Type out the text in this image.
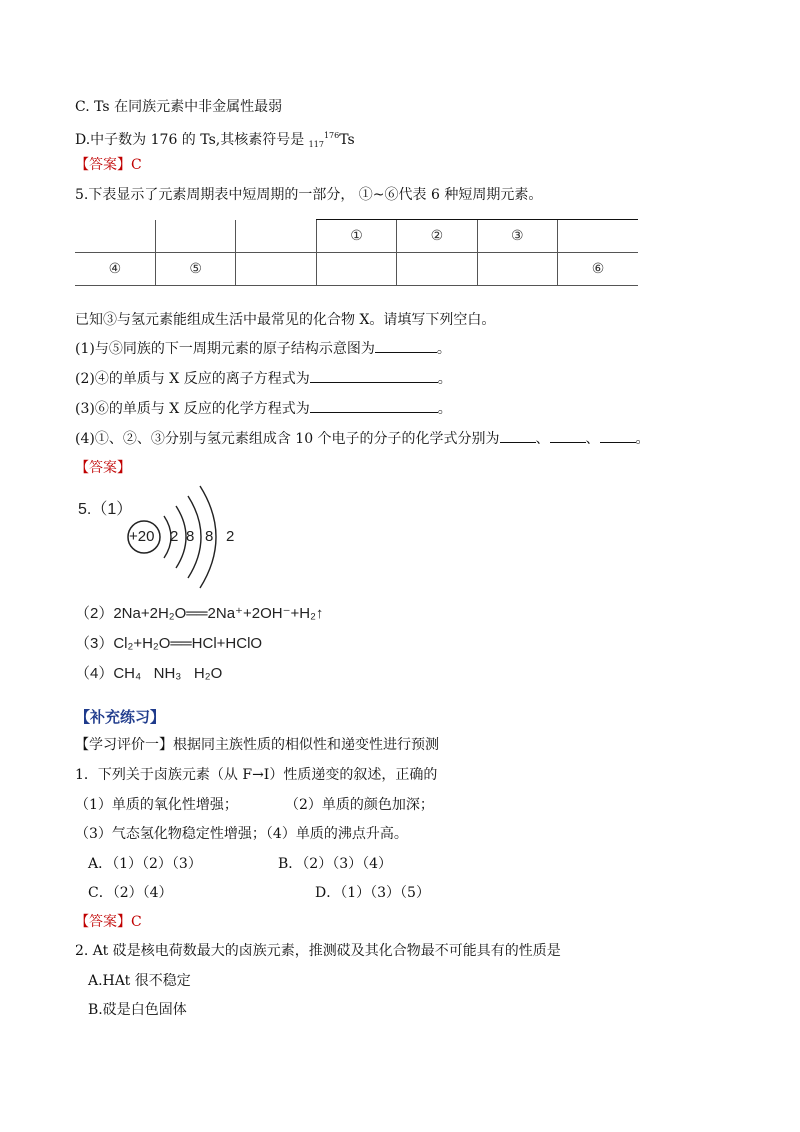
C. Ts 在同族元素中非金属性最弱
D.中子数为 176 的 Ts,其核素符号是 $_{117}^{176}$Ts
【答案】C
5.下表显示了元素周期表中短周期的一部分， ①~⑥代表 6 种短周期元素。
			①	②	③	
④	⑤					⑥
已知③与氢元素能组成生活中最常见的化合物 X。请填写下列空白。
(1)与⑤同族的下一周期元素的原子结构示意图为	。
(2)④的单质与 X 反应的离子方程式为	。
(3)⑥的单质与 X 反应的化学方程式为	。
(4)①、②、③分别与氢元素组成含 10 个电子的分子的化学式分别为	、	、	。
【答案】
5.（1）
+20 2 8 8 2
（2）2Na+2H₂O══2Na⁺+2OH⁻+H₂↑
（3）Cl₂+H₂O══HCl+HClO
（4）CH₄   NH₃   H₂O
【补充练习】
【学习评价一】根据同主族性质的相似性和递变性进行预测
1．下列关于卤族元素（从 F→I）性质递变的叙述，正确的
（1）单质的氧化性增强；	（2）单质的颜色加深；
（3）气态氢化物稳定性增强；（4）单质的沸点升高。
A．（1）（2）（3）	B．（2）（3）（4）
C．（2）（4）	D．（1）（3）（5）
【答案】C
2. At 砹是核电荷数最大的卤族元素，推测砹及其化合物最不可能具有的性质是
A.HAt 很不稳定
B.砹是白色固体
